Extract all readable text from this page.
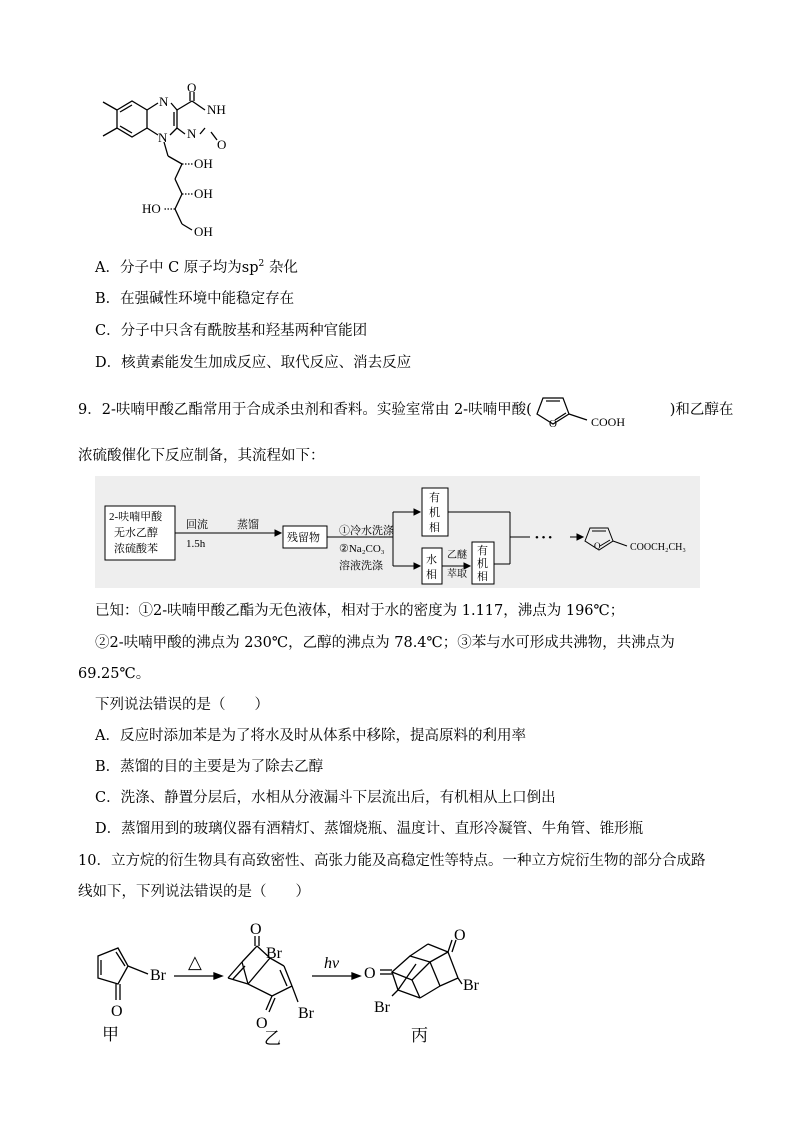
O
NH
O
N
N
N
OH
OH
HO
OH
A．分子中 C 原子均为$sp^2$ 杂化
B．在强碱性环境中能稳定存在
C．分子中只含有酰胺基和羟基两种官能团
D．核黄素能发生加成反应、取代反应、消去反应
9．2-呋喃甲酸乙酯常用于合成杀虫剂和香料。实验室常由 2-呋喃甲酸(	)和乙醇在
O	COOH
浓硫酸催化下反应制备，其流程如下：
2-呋喃甲酸
无水乙醇
浓硫酸苯
回流
1.5h
蒸馏
残留物
①冷水洗涤
②Na₂CO₃
溶液洗涤
有
机
相
水
相
乙醚
萃取
有
机
相
• • •
O	COOCH₂CH₃
已知：①2-呋喃甲酸乙酯为无色液体，相对于水的密度为 1.117，沸点为 196℃；
②2-呋喃甲酸的沸点为 230℃，乙醇的沸点为 78.4℃；③苯与水可形成共沸物，共沸点为
69.25℃。
下列说法错误的是（　　）
A．反应时添加苯是为了将水及时从体系中移除，提高原料的利用率
B．蒸馏的目的主要是为了除去乙醇
C．洗涤、静置分层后，水相从分液漏斗下层流出后，有机相从上口倒出
D．蒸馏用到的玻璃仪器有酒精灯、蒸馏烧瓶、温度计、直形冷凝管、牛角管、锥形瓶
10．立方烷的衍生物具有高致密性、高张力能及高稳定性等特点。一种立方烷衍生物的部分合成路
线如下，下列说法错误的是（　　）
Br
O
△
O
Br
O
Br
hv
O
O
Br
Br
甲	乙	丙
